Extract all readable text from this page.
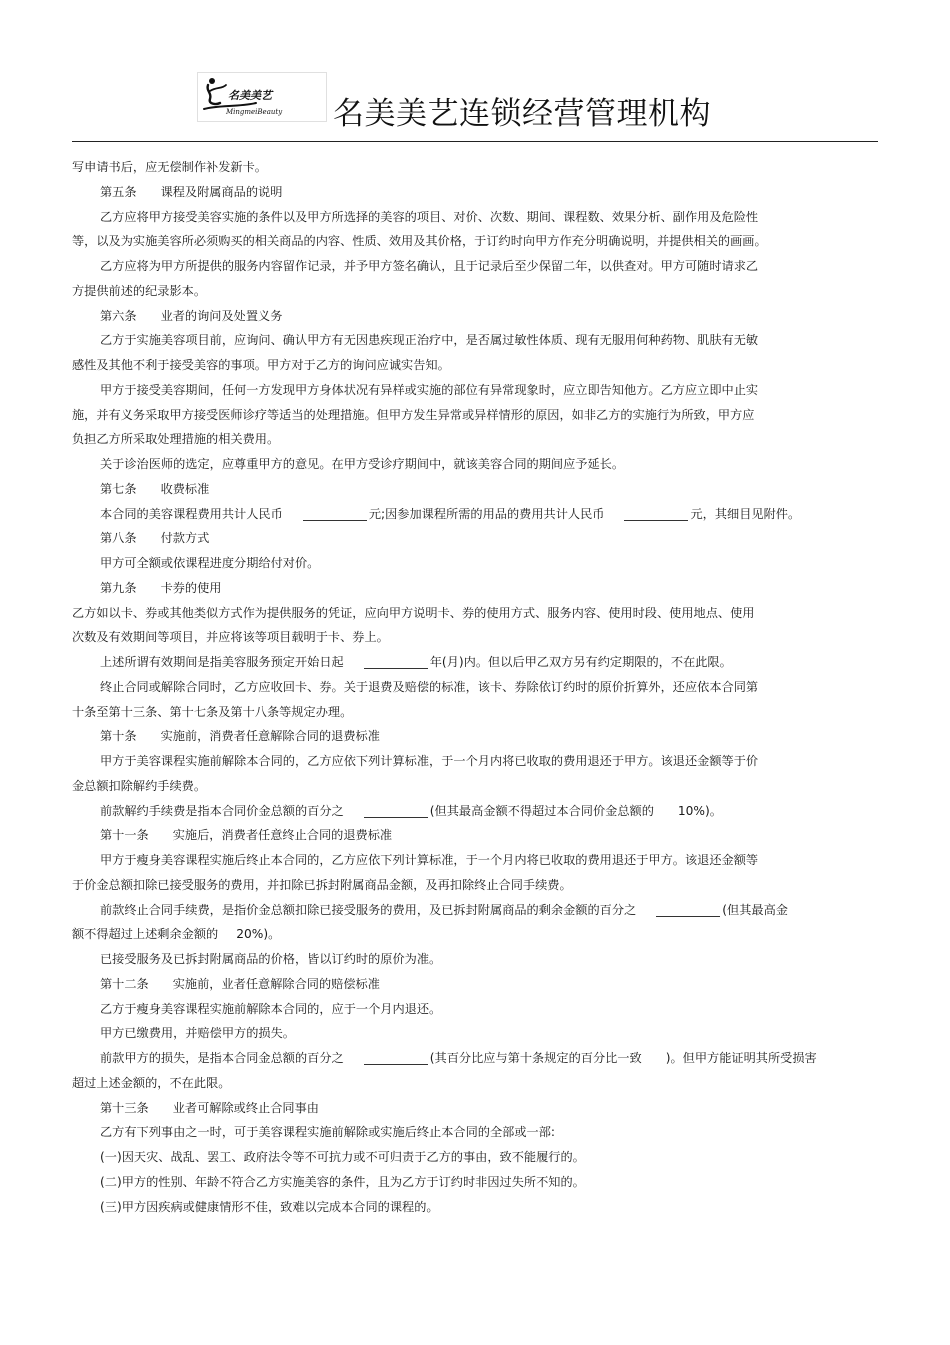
名美美艺
MingmeiBeauty 名美美艺连锁经营管理机构
写申请书后，应无偿制作补发新卡。
第五条 课程及附属商品的说明
乙方应将甲方接受美容实施的条件以及甲方所选择的美容的项目、对价、次数、期间、课程数、效果分析、副作用及危险性
等，以及为实施美容所必须购买的相关商品的内容、性质、效用及其价格，于订约时向甲方作充分明确说明，并提供相关的画画。
乙方应将为甲方所提供的服务内容留作记录，并予甲方签名确认，且于记录后至少保留二年，以供查对。甲方可随时请求乙
方提供前述的纪录影本。
第六条 业者的询问及处置义务
乙方于实施美容项目前，应询问、确认甲方有无因患疾现正治疗中，是否属过敏性体质、现有无服用何种药物、肌肤有无敏
感性及其他不利于接受美容的事项。甲方对于乙方的询问应诚实告知。
甲方于接受美容期间，任何一方发现甲方身体状况有异样或实施的部位有异常现象时，应立即告知他方。乙方应立即中止实
施，并有义务采取甲方接受医师诊疗等适当的处理措施。但甲方发生异常或异样情形的原因，如非乙方的实施行为所致，甲方应
负担乙方所采取处理措施的相关费用。
关于诊治医师的选定，应尊重甲方的意见。在甲方受诊疗期间中，就该美容合同的期间应予延长。
第七条 收费标准
本合同的美容课程费用共计人民币	元;因参加课程所需的用品的费用共计人民币	元，其细目见附件。
第八条 付款方式
甲方可全额或依课程进度分期给付对价。
第九条 卡券的使用
乙方如以卡、券或其他类似方式作为提供服务的凭证，应向甲方说明卡、券的使用方式、服务内容、使用时段、使用地点、使用
次数及有效期间等项目，并应将该等项目载明于卡、券上。
上述所谓有效期间是指美容服务预定开始日起	年(月)内。但以后甲乙双方另有约定期限的，不在此限。
终止合同或解除合同时，乙方应收回卡、券。关于退费及赔偿的标准，该卡、券除依订约时的原价折算外，还应依本合同第
十条至第十三条、第十七条及第十八条等规定办理。
第十条 实施前，消费者任意解除合同的退费标准
甲方于美容课程实施前解除本合同的，乙方应依下列计算标准，于一个月内将已收取的费用退还于甲方。该退还金额等于价
金总额扣除解约手续费。
前款解约手续费是指本合同价金总额的百分之	(但其最高金额不得超过本合同价金总额的 10%)。
第十一条 实施后，消费者任意终止合同的退费标准
甲方于瘦身美容课程实施后终止本合同的，乙方应依下列计算标准，于一个月内将已收取的费用退还于甲方。该退还金额等
于价金总额扣除已接受服务的费用，并扣除已拆封附属商品金额，及再扣除终止合同手续费。
前款终止合同手续费，是指价金总额扣除已接受服务的费用，及已拆封附属商品的剩余金额的百分之	(但其最高金
额不得超过上述剩余金额的 20%)。
已接受服务及已拆封附属商品的价格，皆以订约时的原价为准。
第十二条 实施前，业者任意解除合同的赔偿标准
乙方于瘦身美容课程实施前解除本合同的，应于一个月内退还。
甲方已缴费用，并赔偿甲方的损失。
前款甲方的损失，是指本合同金总额的百分之	(其百分比应与第十条规定的百分比一致 )。但甲方能证明其所受损害
超过上述金额的，不在此限。
第十三条 业者可解除或终止合同事由
乙方有下列事由之一时，可于美容课程实施前解除或实施后终止本合同的全部或一部:
(一)因天灾、战乱、罢工、政府法令等不可抗力或不可归责于乙方的事由，致不能履行的。
(二)甲方的性别、年龄不符合乙方实施美容的条件，且为乙方于订约时非因过失所不知的。
(三)甲方因疾病或健康情形不佳，致难以完成本合同的课程的。
